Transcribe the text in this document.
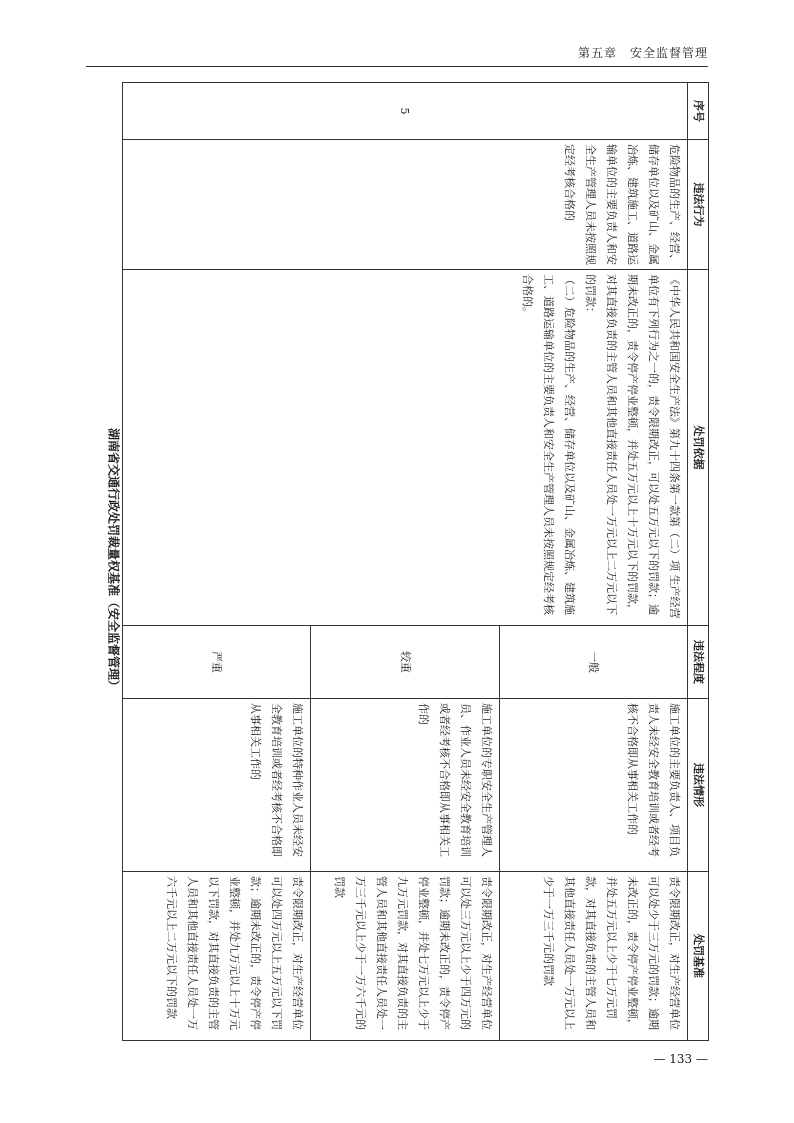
第五章　安全监督管理
湖南省交通行政处罚裁量权基准（安全监督管理）
序号	违法行为	处罚依据	违法程度	违法情形	处罚基准
5	危险物品的生产、经营、储存单位以及矿山、金属冶炼、建筑施工、道路运输单位的主要负责人和安全生产管理人员未按照规定经考核合格的	《中华人民共和国安全生产法》第九十四条第一款第（二）项 生产经营单位有下列行为之一的，责令限期改正，可以处五万元以下的罚款；逾期未改正的，责令停产停业整顿，并处五万元以上十万元以下的罚款，对其直接负责的主管人员和其他直接责任人员处一万元以上二万元以下的罚款：
（二）危险物品的生产、经营、储存单位以及矿山、金属冶炼、建筑施工、道路运输单位的主要负责人和安全生产管理人员未按照规定经考核合格的。	一般	施工单位的主要负责人、项目负责人未经安全教育培训或者经考核不合格即从事相关工作的	责令限期改正，对生产经营单位可以处少于三万元的罚款；逾期未改正的，责令停产停业整顿，并处五万元以上少于七万元罚款，对其直接负责的主管人员和其他直接责任人员处一万元以上少于一万三千元的罚款
			较重	施工单位的专职安全生产管理人员、作业人员未经安全教育培训或者经考核不合格即从事相关工作的	责令限期改正，对生产经营单位可以处三万元以上少于四万元的罚款；逾期未改正的，责令停产停业整顿，并处七万元以上少于九万元罚款，对其直接负责的主管人员和其他直接责任人员处一万三千元以上少于一万六千元的罚款
			严重	施工单位的特种作业人员未经安全教育培训或者经考核不合格即从事相关工作的	责令限期改正，对生产经营单位可以处四万元以上五万元以下罚款；逾期未改正的，责令停产停业整顿，并处九万元以上十万元以下罚款，对其直接负责的主管人员和其他直接责任人员处一万六千元以上二万元以下的罚款
— 133 —
